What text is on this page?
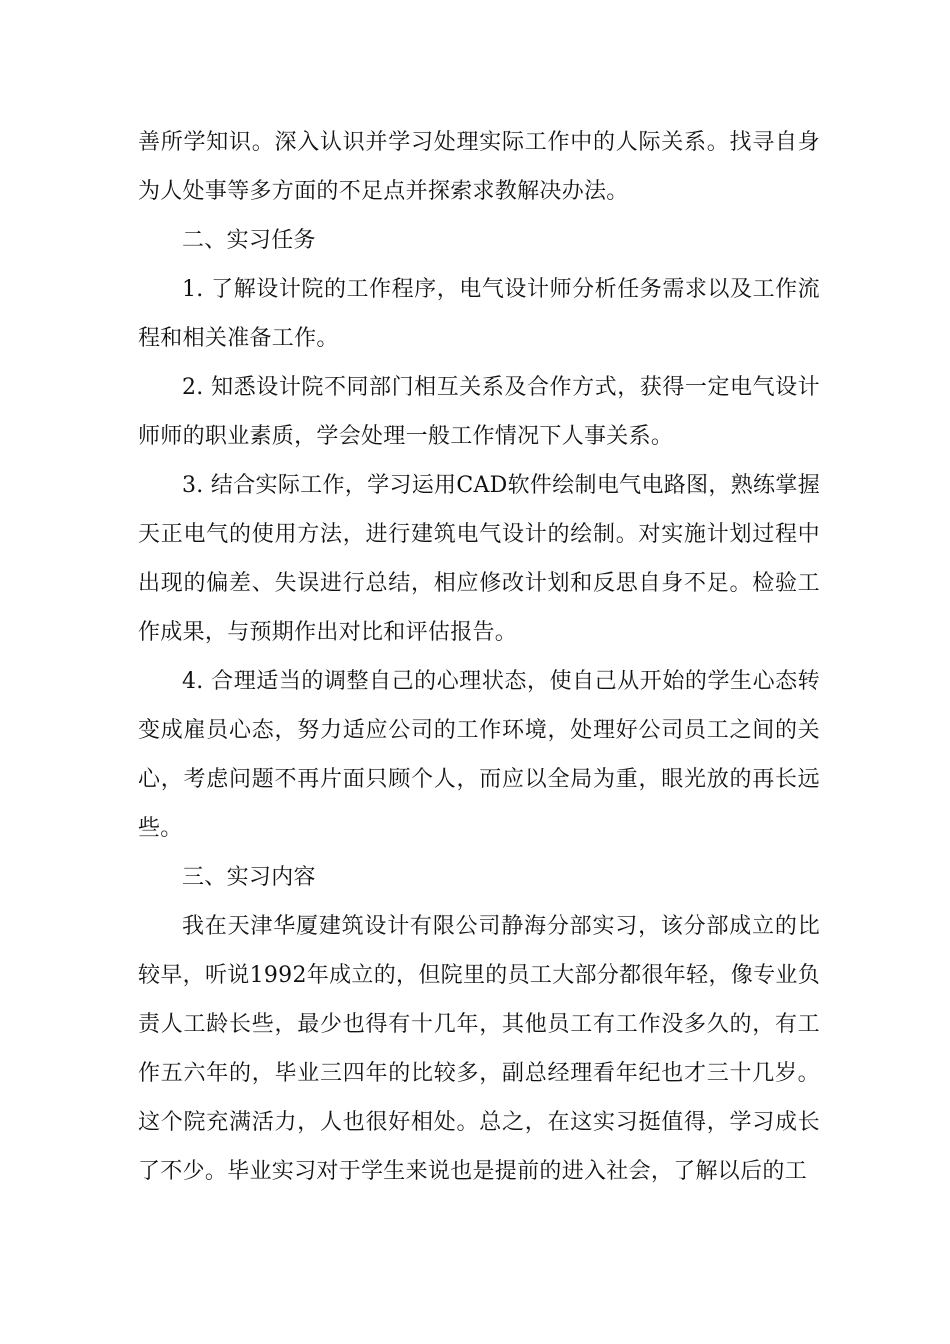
善所学知识。深入认识并学习处理实际工作中的人际关系。找寻自身为人处事等多方面的不足点并探索求教解决办法。

二、实习任务

1. 了解设计院的工作程序，电气设计师分析任务需求以及工作流程和相关准备工作。

2. 知悉设计院不同部门相互关系及合作方式，获得一定电气设计师师的职业素质，学会处理一般工作情况下人事关系。

3. 结合实际工作，学习运用CAD软件绘制电气电路图，熟练掌握天正电气的使用方法，进行建筑电气设计的绘制。对实施计划过程中出现的偏差、失误进行总结，相应修改计划和反思自身不足。检验工作成果，与预期作出对比和评估报告。

4. 合理适当的调整自己的心理状态，使自己从开始的学生心态转变成雇员心态，努力适应公司的工作环境，处理好公司员工之间的关心，考虑问题不再片面只顾个人，而应以全局为重，眼光放的再长远些。

三、实习内容

我在天津华厦建筑设计有限公司静海分部实习，该分部成立的比较早，听说1992年成立的，但院里的员工大部分都很年轻，像专业负责人工龄长些，最少也得有十几年，其他员工有工作没多久的，有工作五六年的，毕业三四年的比较多，副总经理看年纪也才三十几岁。这个院充满活力，人也很好相处。总之，在这实习挺值得，学习成长了不少。毕业实习对于学生来说也是提前的进入社会，了解以后的工
